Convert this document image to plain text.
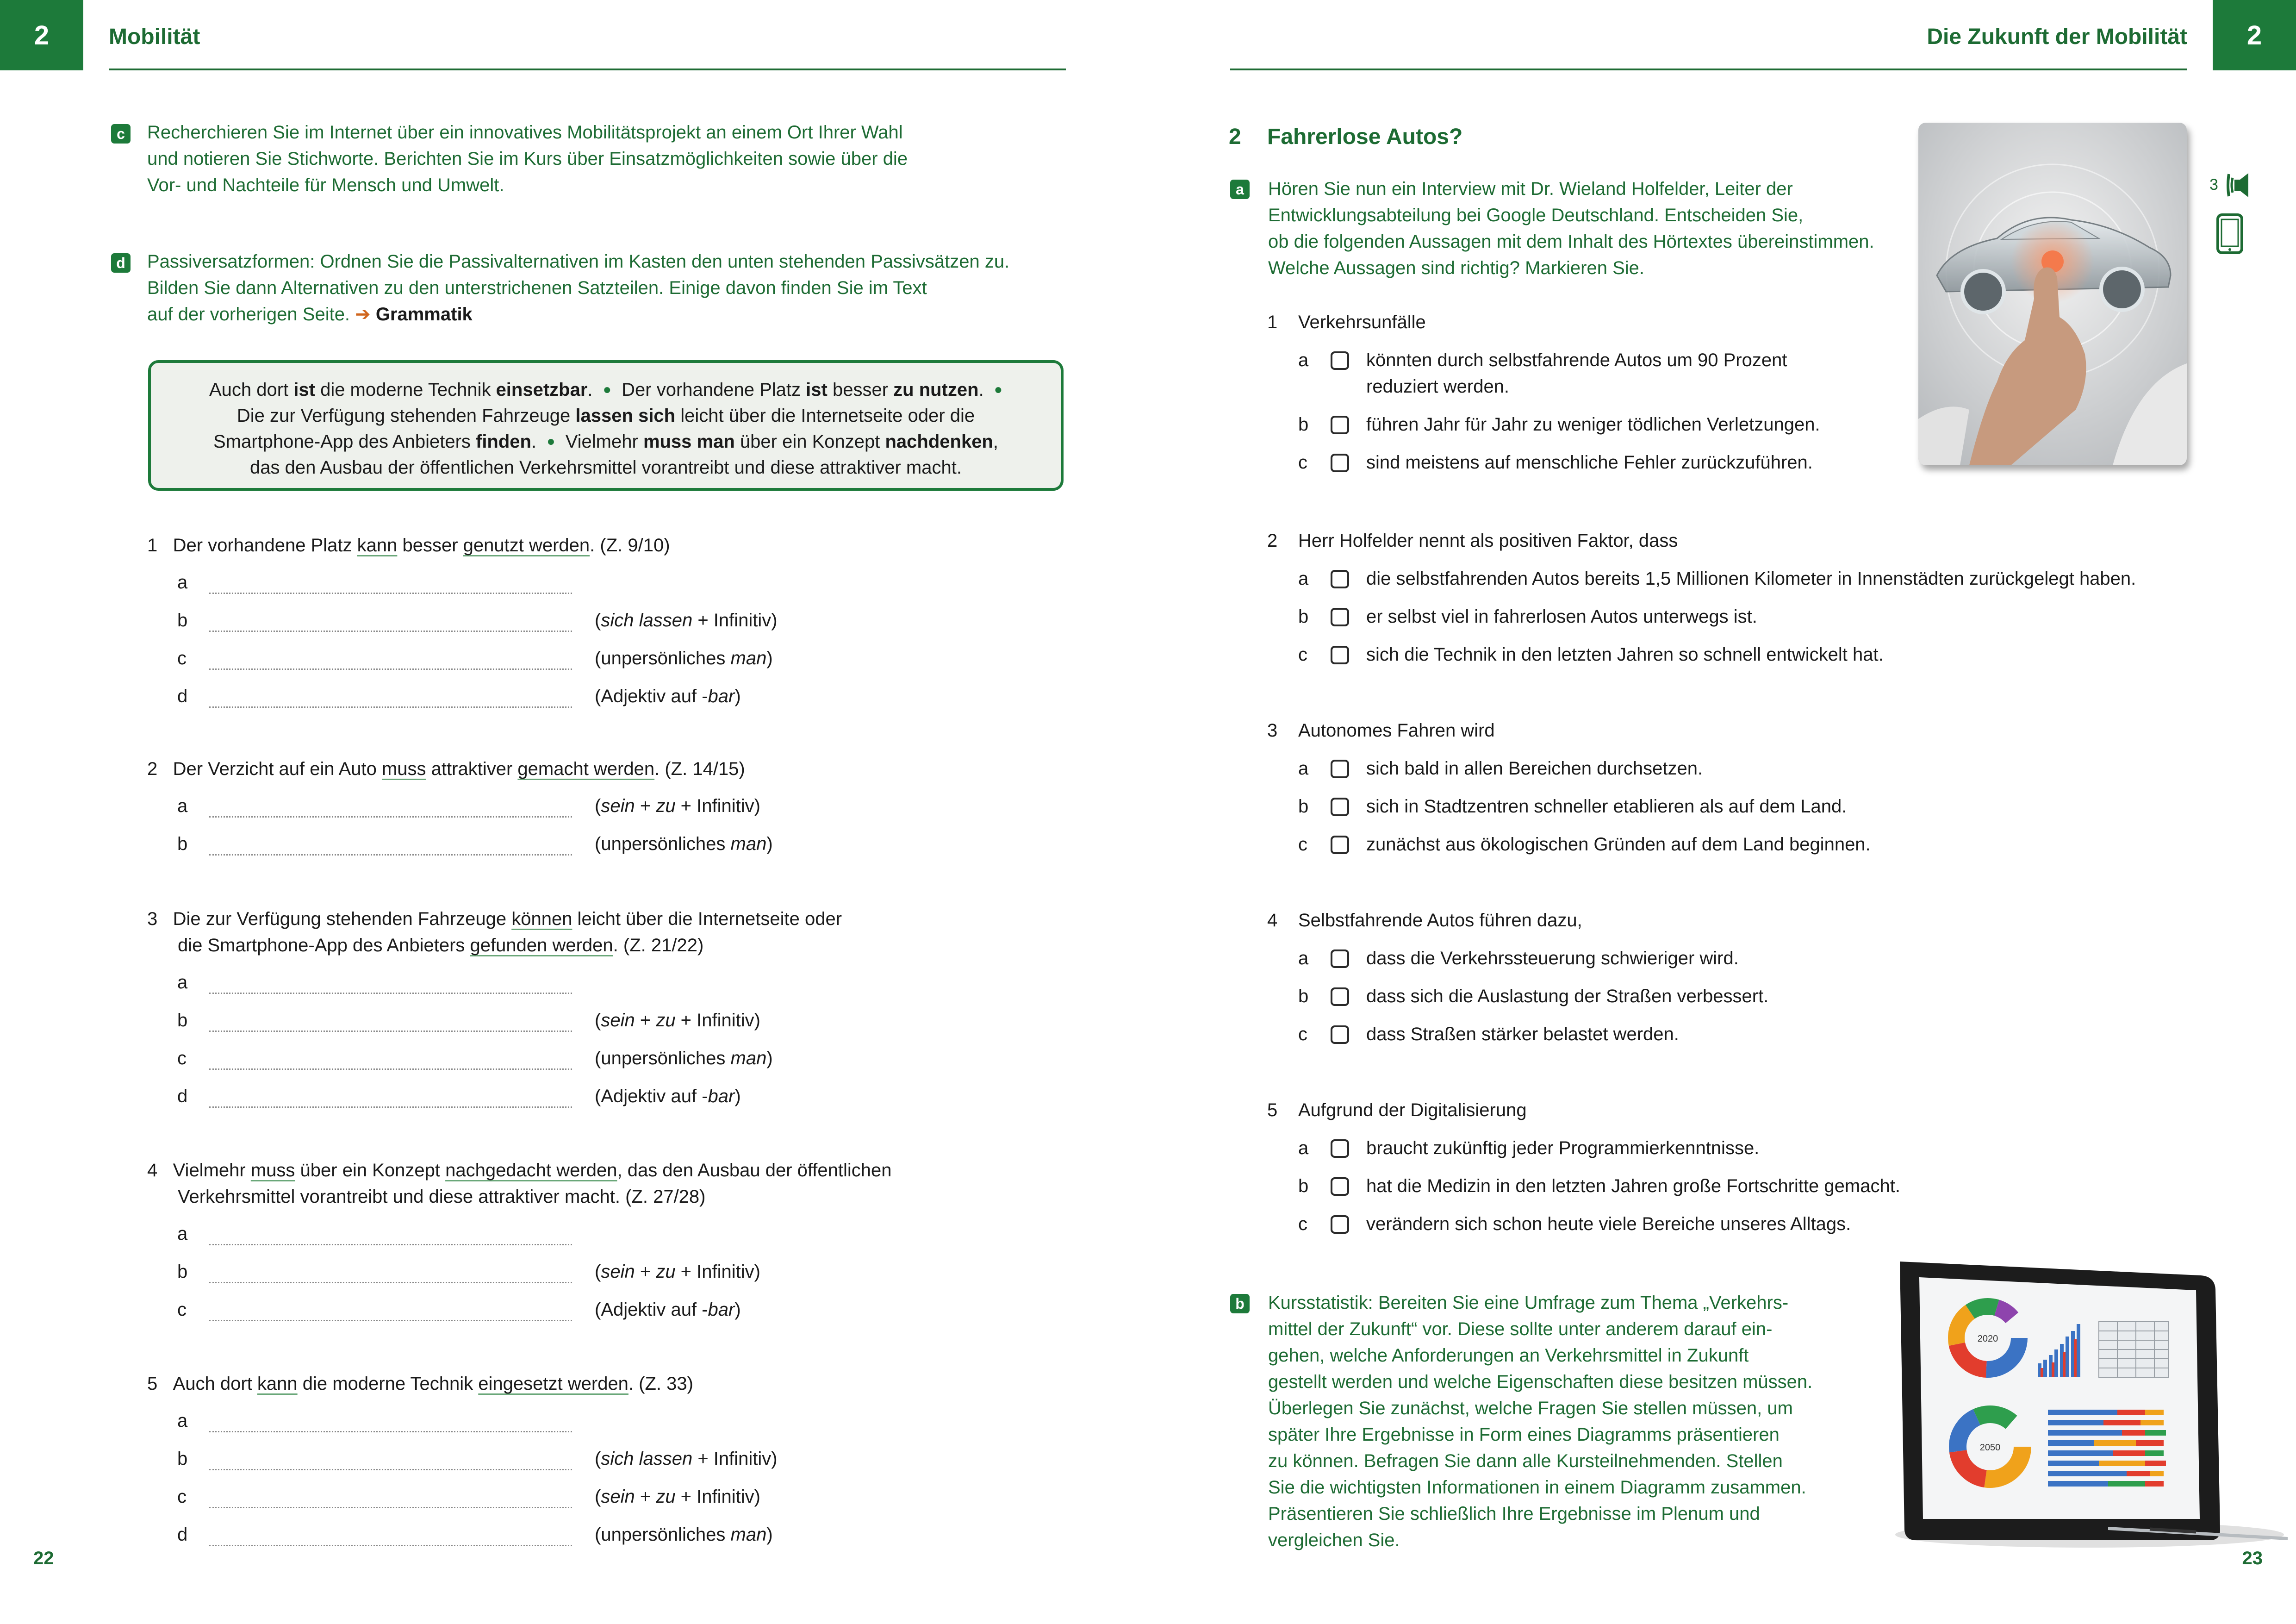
2	Mobilität	Die Zukunft der Mobilität 2
c	Recherchieren Sie im Internet über ein innovatives Mobilitätsprojekt an einem Ort Ihrer Wahl
und notieren Sie Stichworte. Berichten Sie im Kurs über Einsatzmöglichkeiten sowie über die
Vor- und Nachteile für Mensch und Umwelt.
d Passiversatzformen: Ordnen Sie die Passivalternativen im Kasten den unten stehenden Passivsätzen zu.
Bilden Sie dann Alternativen zu den unterstrichenen Satzteilen. Einige davon finden Sie im Text
auf der vorherigen Seite. ➔ Grammatik
Auch dort ist die moderne Technik einsetzbar. ● Der vorhandene Platz ist besser zu nutzen. ●
Die zur Verfügung stehenden Fahrzeuge lassen sich leicht über die Internetseite oder die
Smartphone-App des Anbieters finden. ● Vielmehr muss man über ein Konzept nachdenken,
das den Ausbau der öffentlichen Verkehrsmittel vorantreibt und diese attraktiver macht.
1 Der vorhandene Platz kann besser genutzt werden. (Z. 9/10)
a
b	(sich lassen + Infinitiv)
c	(unpersönliches man)
d	(Adjektiv auf -bar)
2 Der Verzicht auf ein Auto muss attraktiver gemacht werden. (Z. 14/15)
a	(sein + zu + Infinitiv)
b	(unpersönliches man)
3 Die zur Verfügung stehenden Fahrzeuge können leicht über die Internetseite oder
die Smartphone-App des Anbieters gefunden werden. (Z. 21/22)
a
b	(sein + zu + Infinitiv)
c	(unpersönliches man)
d	(Adjektiv auf -bar)
4 Vielmehr muss über ein Konzept nachgedacht werden, das den Ausbau der öffentlichen
Verkehrsmittel vorantreibt und diese attraktiver macht. (Z. 27/28)
a
b	(sein + zu + Infinitiv)
c	(Adjektiv auf -bar)
5 Auch dort kann die moderne Technik eingesetzt werden. (Z. 33)
a
b	(sich lassen + Infinitiv)
c	(sein + zu + Infinitiv)
d	(unpersönliches man)
22
2 Fahrerlose Autos?
a	Hören Sie nun ein Interview mit Dr. Wieland Holfelder, Leiter der
Entwicklungsabteilung bei Google Deutschland. Entscheiden Sie,
ob die folgenden Aussagen mit dem Inhalt des Hörtextes übereinstimmen.
Welche Aussagen sind richtig? Markieren Sie.
3
1 Verkehrsunfälle
a	könnten durch selbstfahrende Autos um 90 Prozent
reduziert werden.
b	führen Jahr für Jahr zu weniger tödlichen Verletzungen.
c	sind meistens auf menschliche Fehler zurückzuführen.
2 Herr Holfelder nennt als positiven Faktor, dass
a	die selbstfahrenden Autos bereits 1,5 Millionen Kilometer in Innenstädten zurückgelegt haben.
b	er selbst viel in fahrerlosen Autos unterwegs ist.
c	sich die Technik in den letzten Jahren so schnell entwickelt hat.
3 Autonomes Fahren wird
a	sich bald in allen Bereichen durchsetzen.
b	sich in Stadtzentren schneller etablieren als auf dem Land.
c	zunächst aus ökologischen Gründen auf dem Land beginnen.
4 Selbstfahrende Autos führen dazu,
a	dass die Verkehrssteuerung schwieriger wird.
b	dass sich die Auslastung der Straßen verbessert.
c	dass Straßen stärker belastet werden.
5 Aufgrund der Digitalisierung
a	braucht zukünftig jeder Programmierkenntnisse.
b	hat die Medizin in den letzten Jahren große Fortschritte gemacht.
c	verändern sich schon heute viele Bereiche unseres Alltags.
b Kursstatistik: Bereiten Sie eine Umfrage zum Thema „Verkehrs-
mittel der Zukunft“ vor. Diese sollte unter anderem darauf ein-
gehen, welche Anforderungen an Verkehrsmittel in Zukunft
gestellt werden und welche Eigenschaften diese besitzen müssen.
Überlegen Sie zunächst, welche Fragen Sie stellen müssen, um
später Ihre Ergebnisse in Form eines Diagramms präsentieren
zu können. Befragen Sie dann alle Kursteilnehmenden. Stellen
Sie die wichtigsten Informationen in einem Diagramm zusammen.
Präsentieren Sie schließlich Ihre Ergebnisse im Plenum und
vergleichen Sie.
2020
2050
23
